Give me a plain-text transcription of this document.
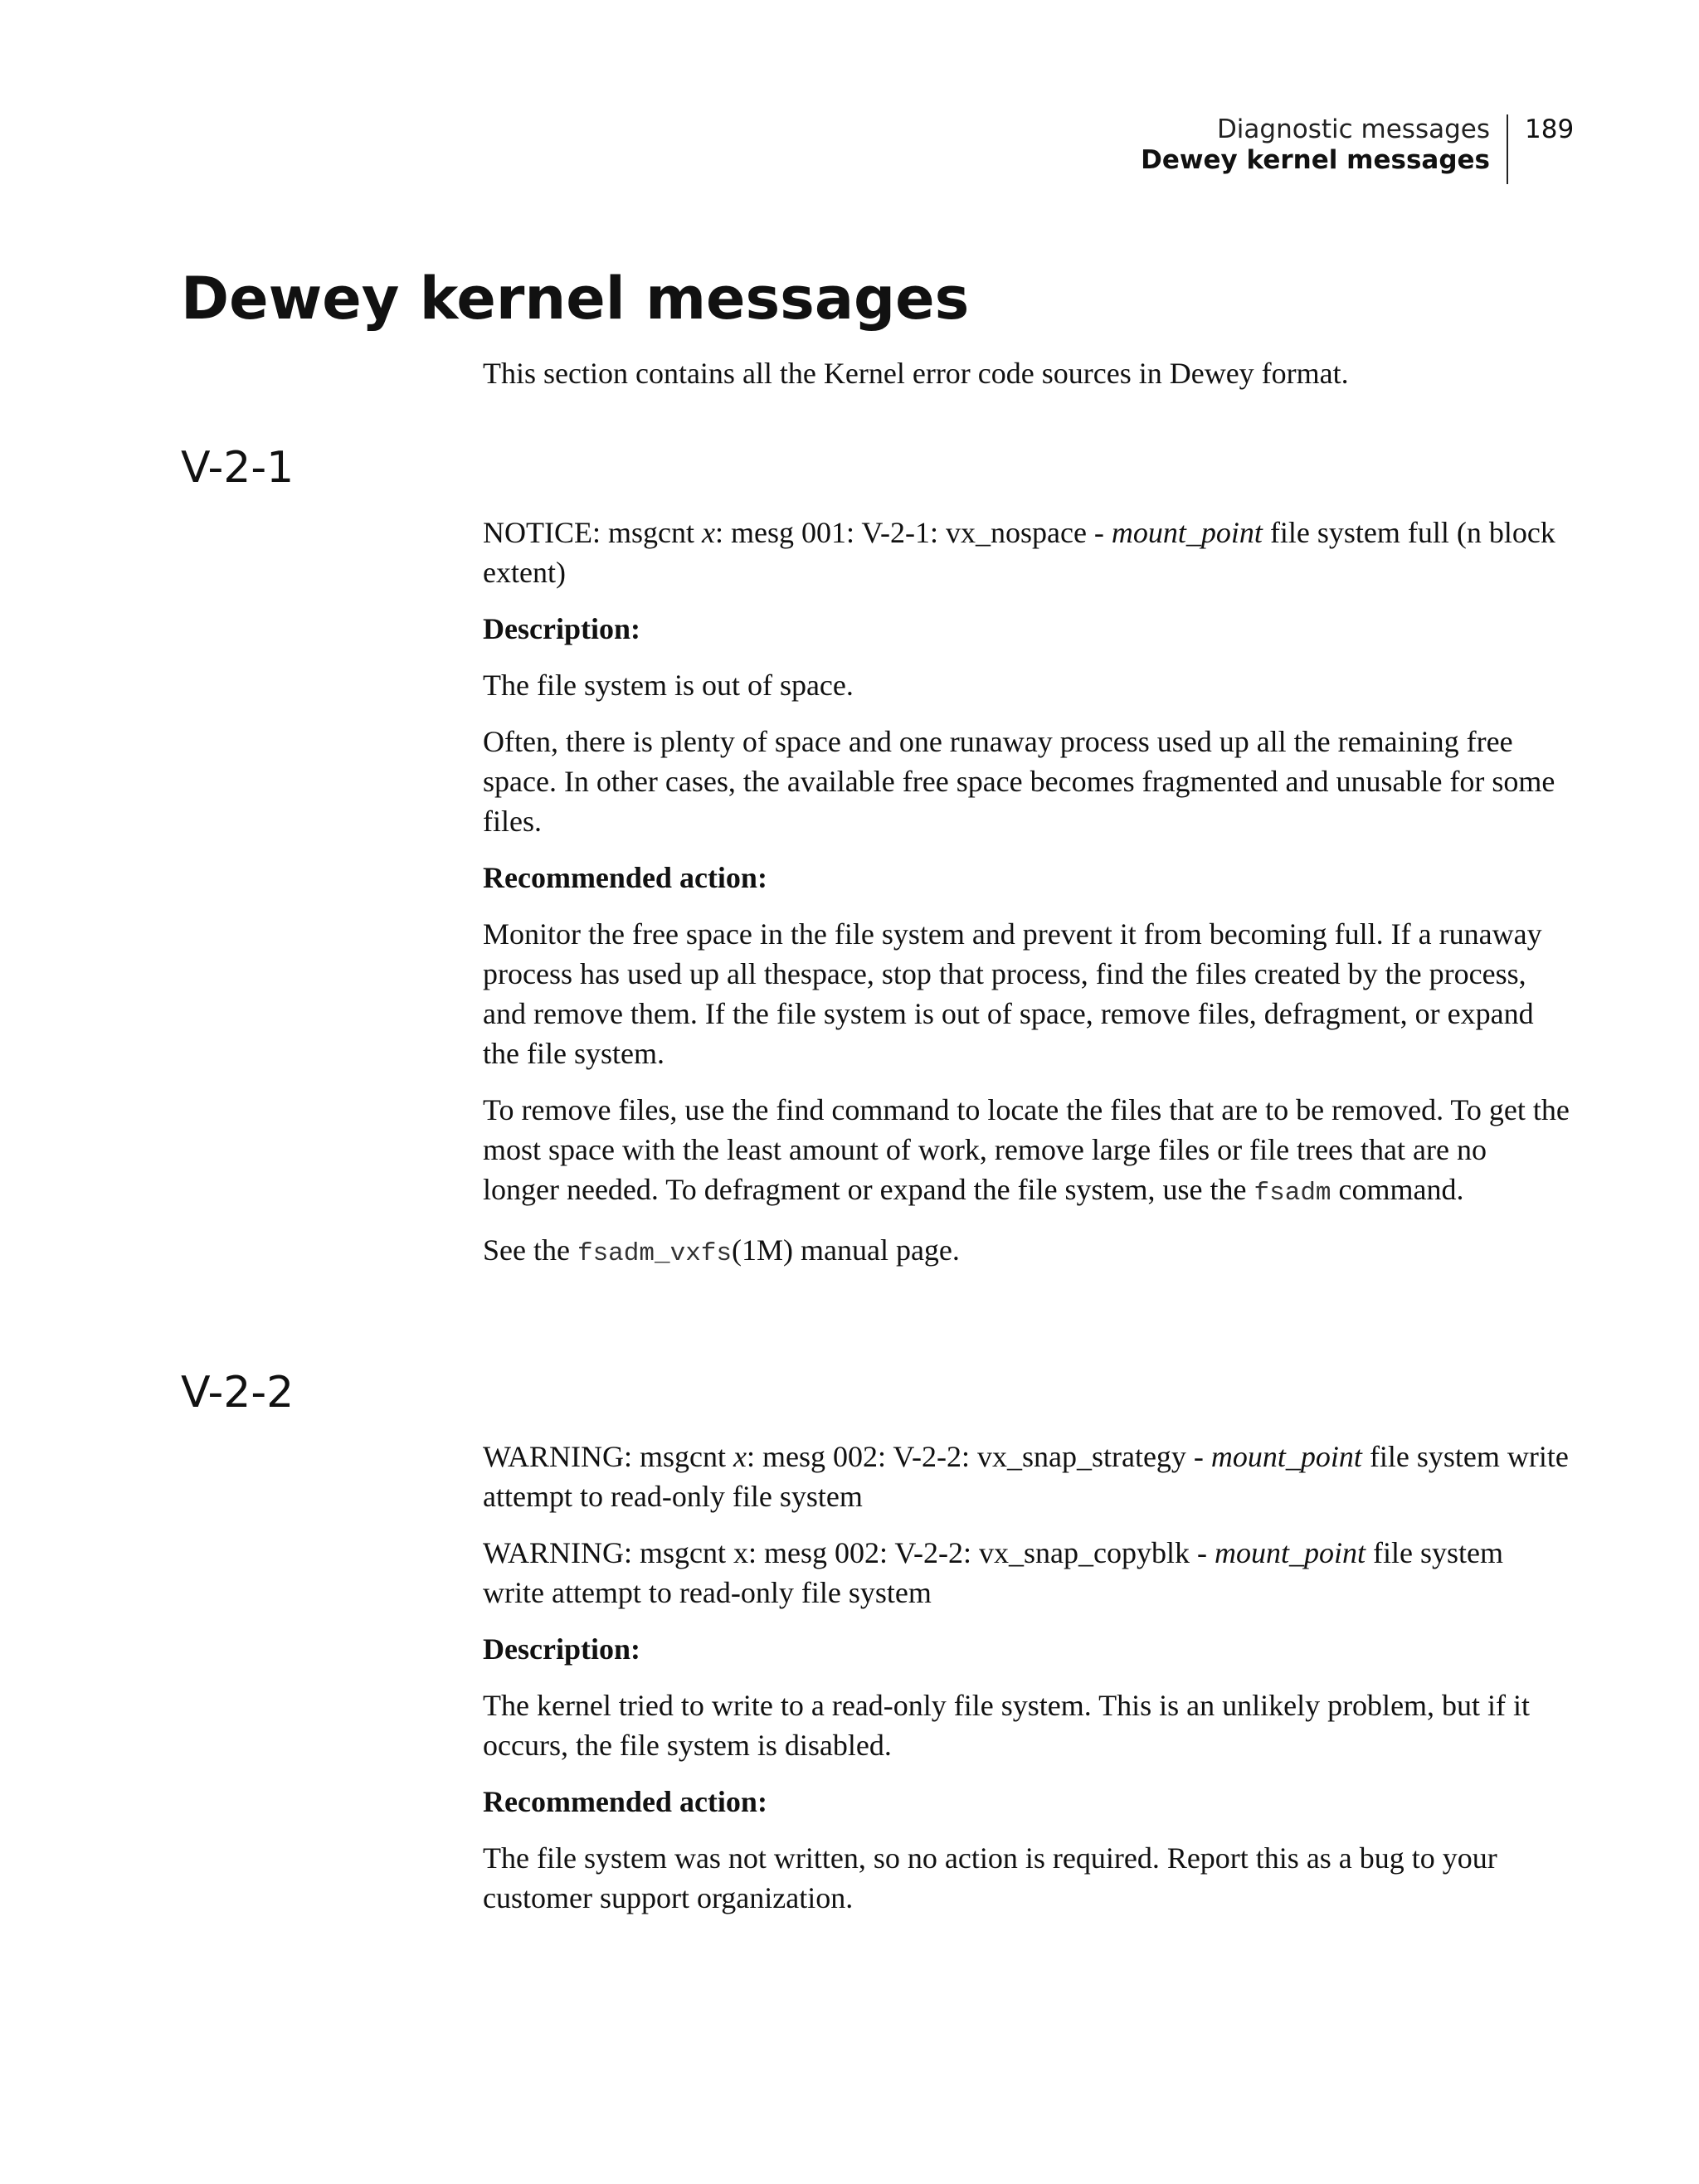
Diagnostic messages
Dewey kernel messages
189
Dewey kernel messages

This section contains all the Kernel error code sources in Dewey format.

V-2-1

NOTICE: msgcnt x: mesg 001: V-2-1: vx_nospace - mount_point file system full (n block extent)

Description:

The file system is out of space.

Often, there is plenty of space and one runaway process used up all the remaining free space. In other cases, the available free space becomes fragmented and unusable for some files.

Recommended action:

Monitor the free space in the file system and prevent it from becoming full. If a runaway process has used up all thespace, stop that process, find the files created by the process, and remove them. If the file system is out of space, remove files, defragment, or expand the file system.

To remove files, use the find command to locate the files that are to be removed. To get the most space with the least amount of work, remove large files or file trees that are no longer needed. To defragment or expand the file system, use the fsadm command.

See the fsadm_vxfs(1M) manual page.

V-2-2

WARNING: msgcnt x: mesg 002: V-2-2: vx_snap_strategy - mount_point file system write attempt to read-only file system

WARNING: msgcnt x: mesg 002: V-2-2: vx_snap_copyblk - mount_point file system write attempt to read-only file system

Description:

The kernel tried to write to a read-only file system. This is an unlikely problem, but if it occurs, the file system is disabled.

Recommended action:

The file system was not written, so no action is required. Report this as a bug to your customer support organization.
